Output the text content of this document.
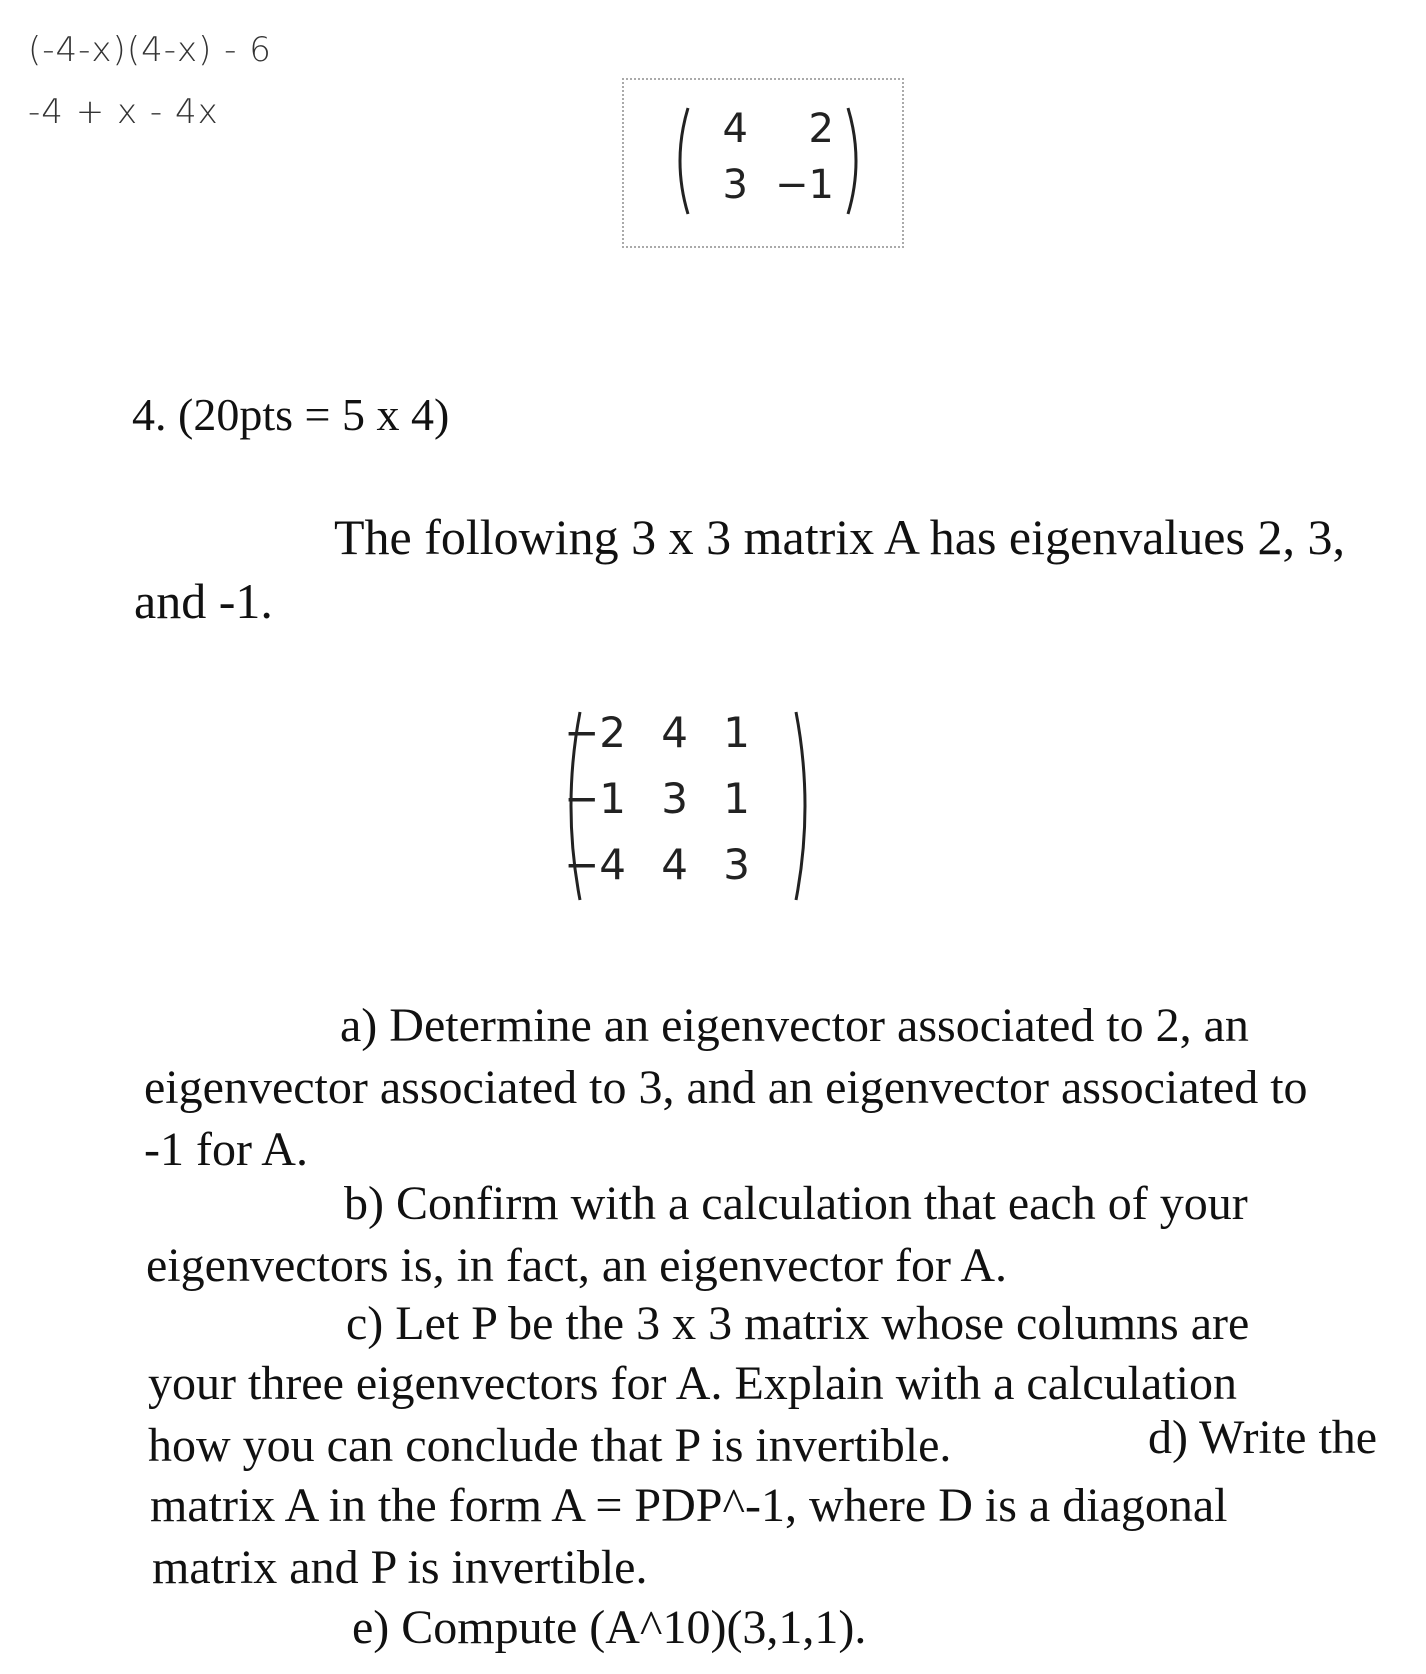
(-4-x)(4-x) - 6
-4 + x - 4x	4	2
3 −1
4. (20pts = 5 x 4)
The following 3 x 3 matrix A has eigenvalues 2, 3,
and -1.
−2 4 1
−1 3 1
−4 4 3
a) Determine an eigenvector associated to 2, an
eigenvector associated to 3, and an eigenvector associated to
-1 for A.
b) Confirm with a calculation that each of your
eigenvectors is, in fact, an eigenvector for A.
c) Let P be the 3 x 3 matrix whose columns are
your three eigenvectors for A. Explain with a calculation
how you can conclude that P is invertible.	d) Write the
matrix A in the form A = PDP^-1, where D is a diagonal
matrix and P is invertible.
e) Compute (A^10)(3,1,1).
